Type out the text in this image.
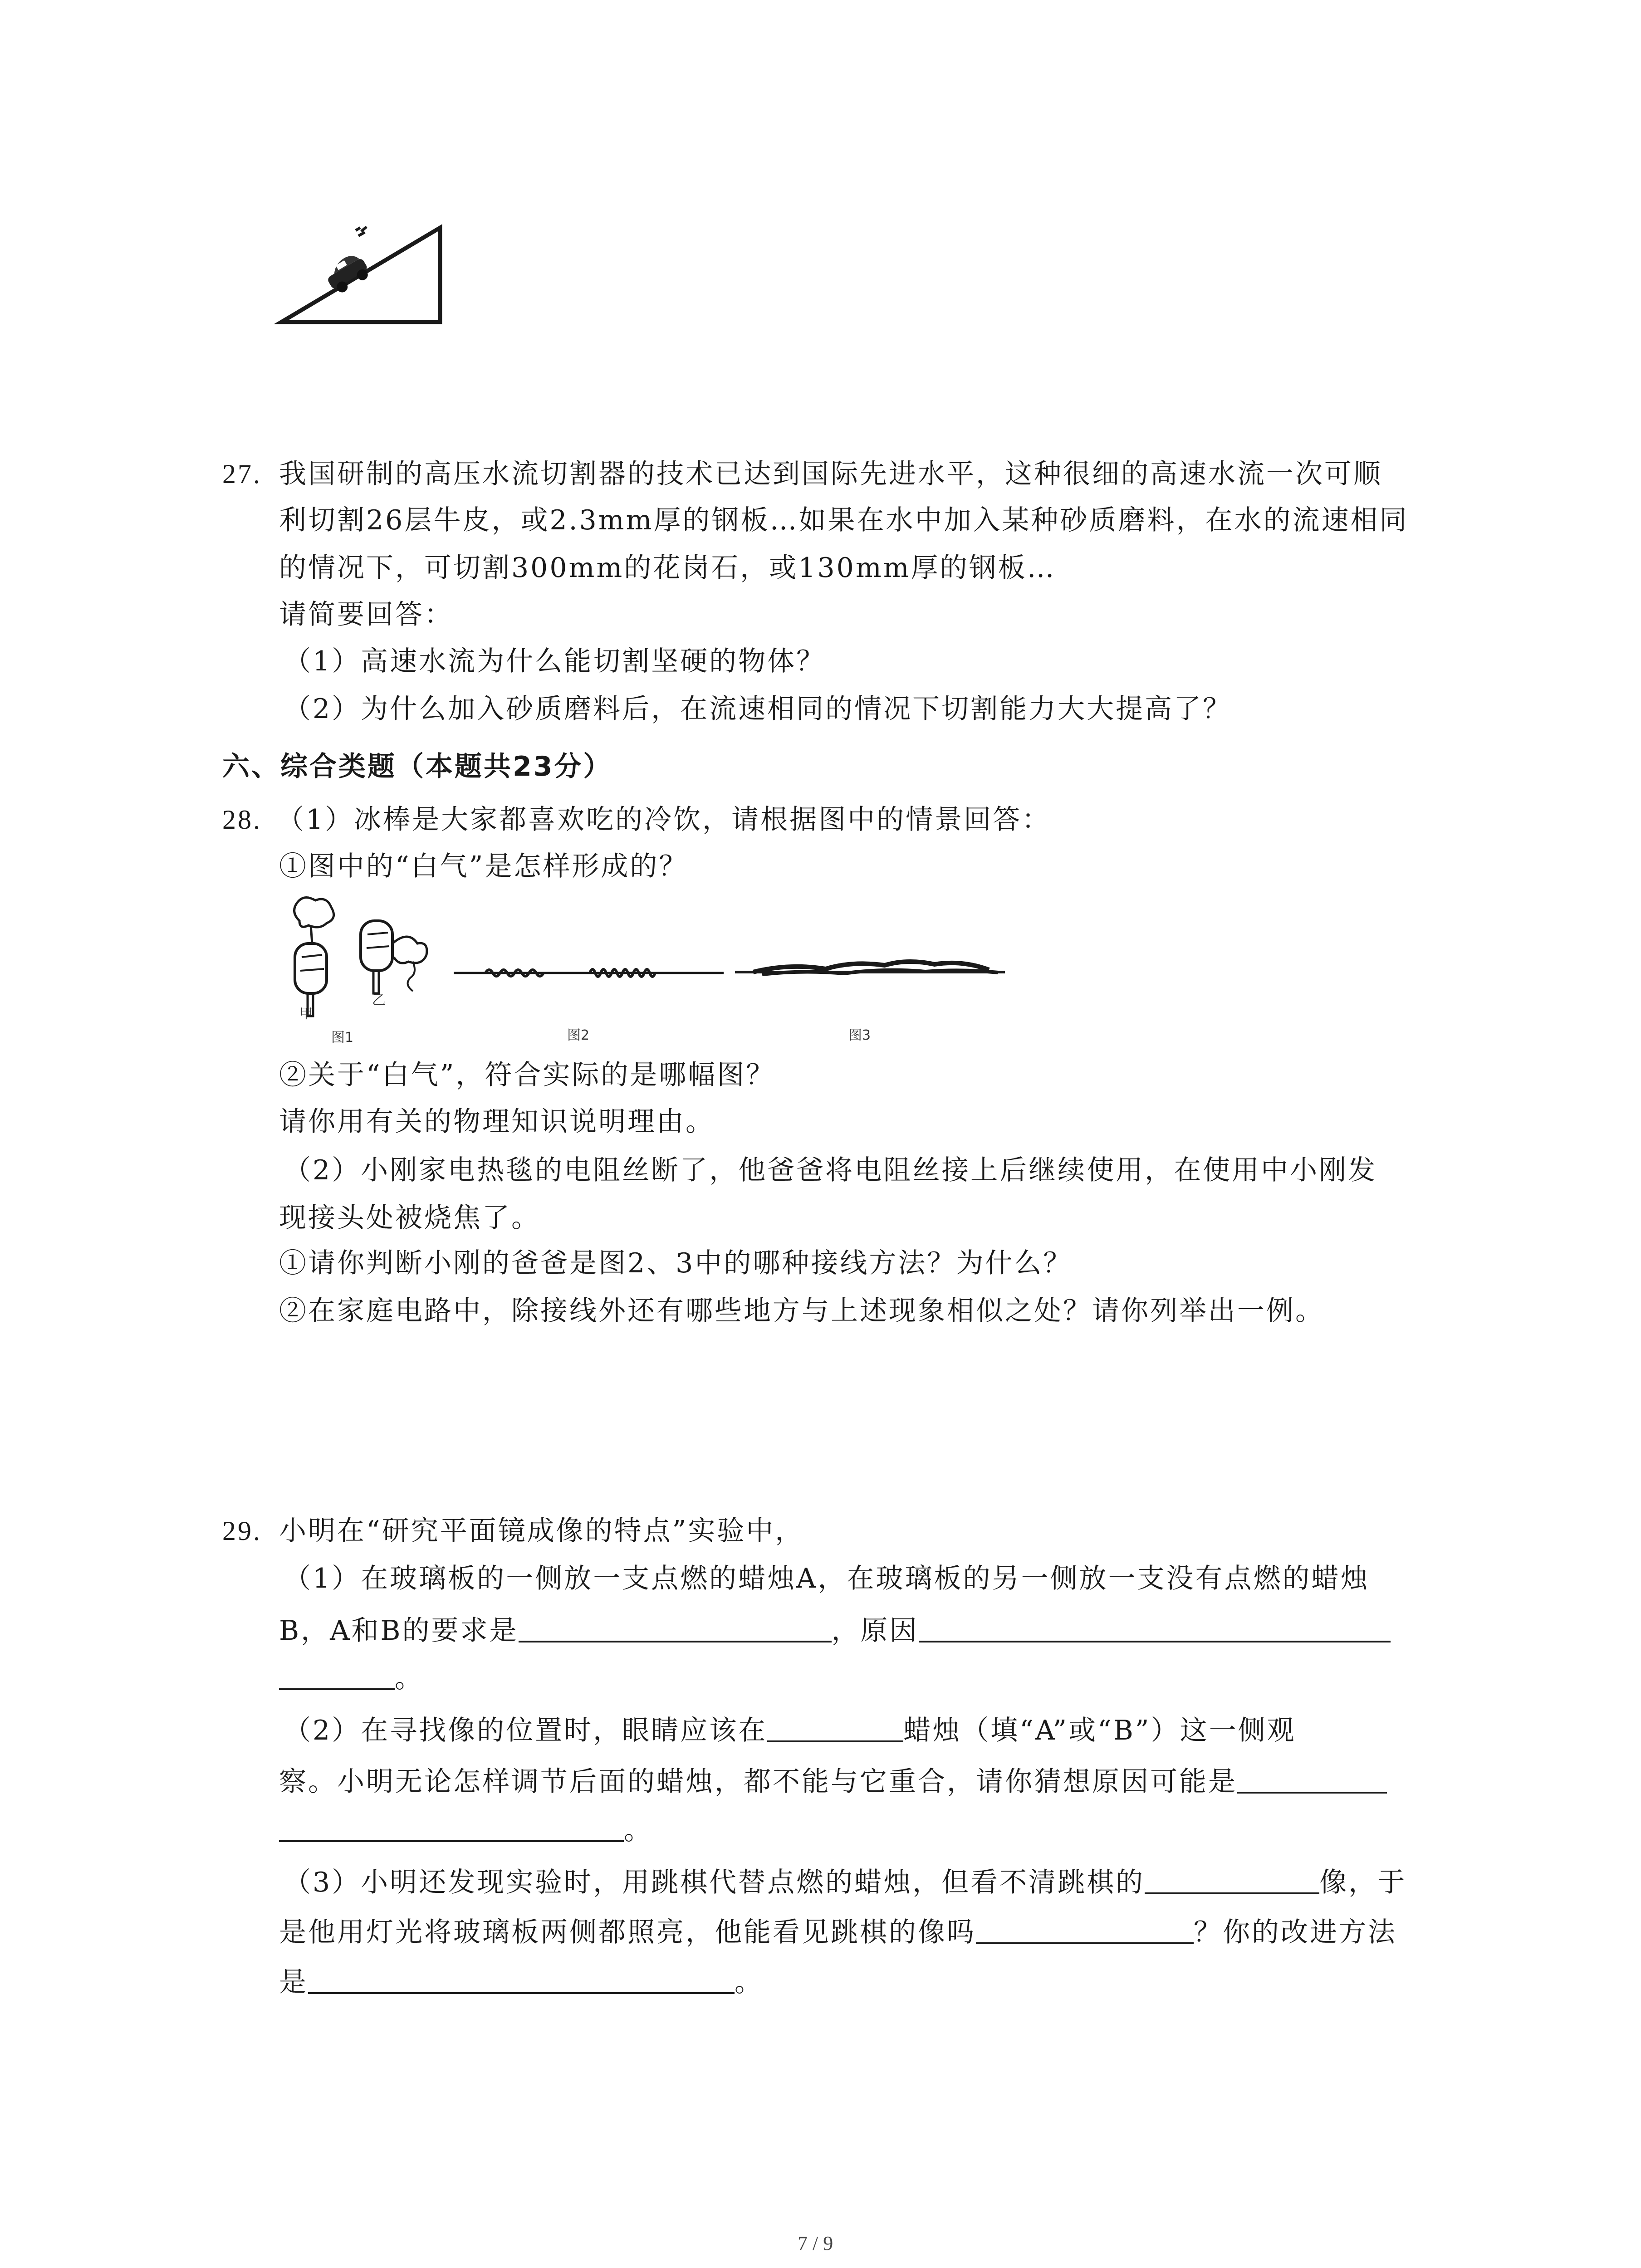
27. 我国研制的高压水流切割器的技术已达到国际先进水平，这种很细的高速水流一次可顺
利切割26层牛皮，或2.3mm厚的钢板…如果在水中加入某种砂质磨料，在水的流速相同
的情况下，可切割300mm的花岗石，或130mm厚的钢板…
请简要回答：
（1）高速水流为什么能切割坚硬的物体？
（2）为什么加入砂质磨料后，在流速相同的情况下切割能力大大提高了？
六、综合类题（本题共23分）
28. （1）冰棒是大家都喜欢吃的冷饮，请根据图中的情景回答：
①图中的“白气”是怎样形成的？
甲
乙
图1	图2	图3
②关于“白气”，符合实际的是哪幅图？
请你用有关的物理知识说明理由。
（2）小刚家电热毯的电阻丝断了，他爸爸将电阻丝接上后继续使用，在使用中小刚发
现接头处被烧焦了。
①请你判断小刚的爸爸是图2、3中的哪种接线方法？为什么？
②在家庭电路中，除接线外还有哪些地方与上述现象相似之处？请你列举出一例。
29. 小明在“研究平面镜成像的特点”实验中，
（1）在玻璃板的一侧放一支点燃的蜡烛A，在玻璃板的另一侧放一支没有点燃的蜡烛
B，A和B的要求是	，原因
。
（2）在寻找像的位置时，眼睛应该在	蜡烛（填“A”或“B”）这一侧观
察。小明无论怎样调节后面的蜡烛，都不能与它重合，请你猜想原因可能是
。
（3）小明还发现实验时，用跳棋代替点燃的蜡烛，但看不清跳棋的	像，于
是他用灯光将玻璃板两侧都照亮，他能看见跳棋的像吗	？你的改进方法
是	。
7 / 9
